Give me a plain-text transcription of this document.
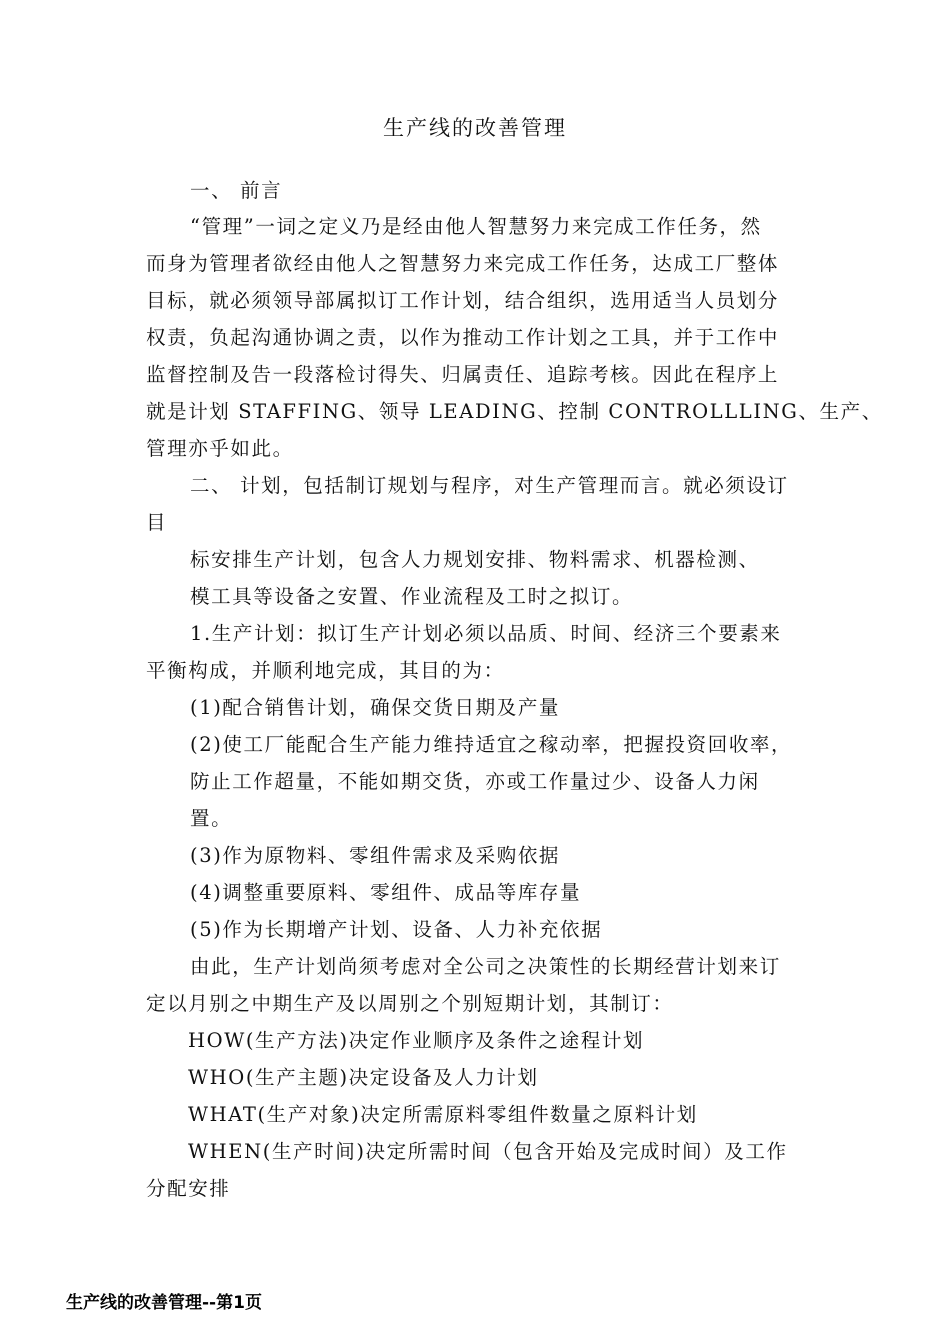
生产线的改善管理
一、 前言
“管理”一词之定义乃是经由他人智慧努力来完成工作任务，然
而身为管理者欲经由他人之智慧努力来完成工作任务，达成工厂整体
目标，就必须领导部属拟订工作计划，结合组织，选用适当人员划分
权责，负起沟通协调之责，以作为推动工作计划之工具，并于工作中
监督控制及告一段落检讨得失、归属责任、追踪考核。因此在程序上
就是计划 STAFFING、领导 LEADING、控制 CONTROLLLING、生产、
管理亦乎如此。
二、 计划，包括制订规划与程序，对生产管理而言。就必须设订
目
标安排生产计划，包含人力规划安排、物料需求、机器检测、
模工具等设备之安置、作业流程及工时之拟订。
1.生产计划：拟订生产计划必须以品质、时间、经济三个要素来
平衡构成，并顺利地完成，其目的为：
(1)配合销售计划，确保交货日期及产量
(2)使工厂能配合生产能力维持适宜之稼动率，把握投资回收率，
防止工作超量，不能如期交货，亦或工作量过少、设备人力闲
置。
(3)作为原物料、零组件需求及采购依据
(4)调整重要原料、零组件、成品等库存量
(5)作为长期增产计划、设备、人力补充依据
由此，生产计划尚须考虑对全公司之决策性的长期经营计划来订
定以月别之中期生产及以周别之个别短期计划，其制订：
HOW(生产方法)决定作业顺序及条件之途程计划
WHO(生产主题)决定设备及人力计划
WHAT(生产对象)决定所需原料零组件数量之原料计划
WHEN(生产时间)决定所需时间（包含开始及完成时间）及工作
分配安排
生产线的改善管理--第1页
